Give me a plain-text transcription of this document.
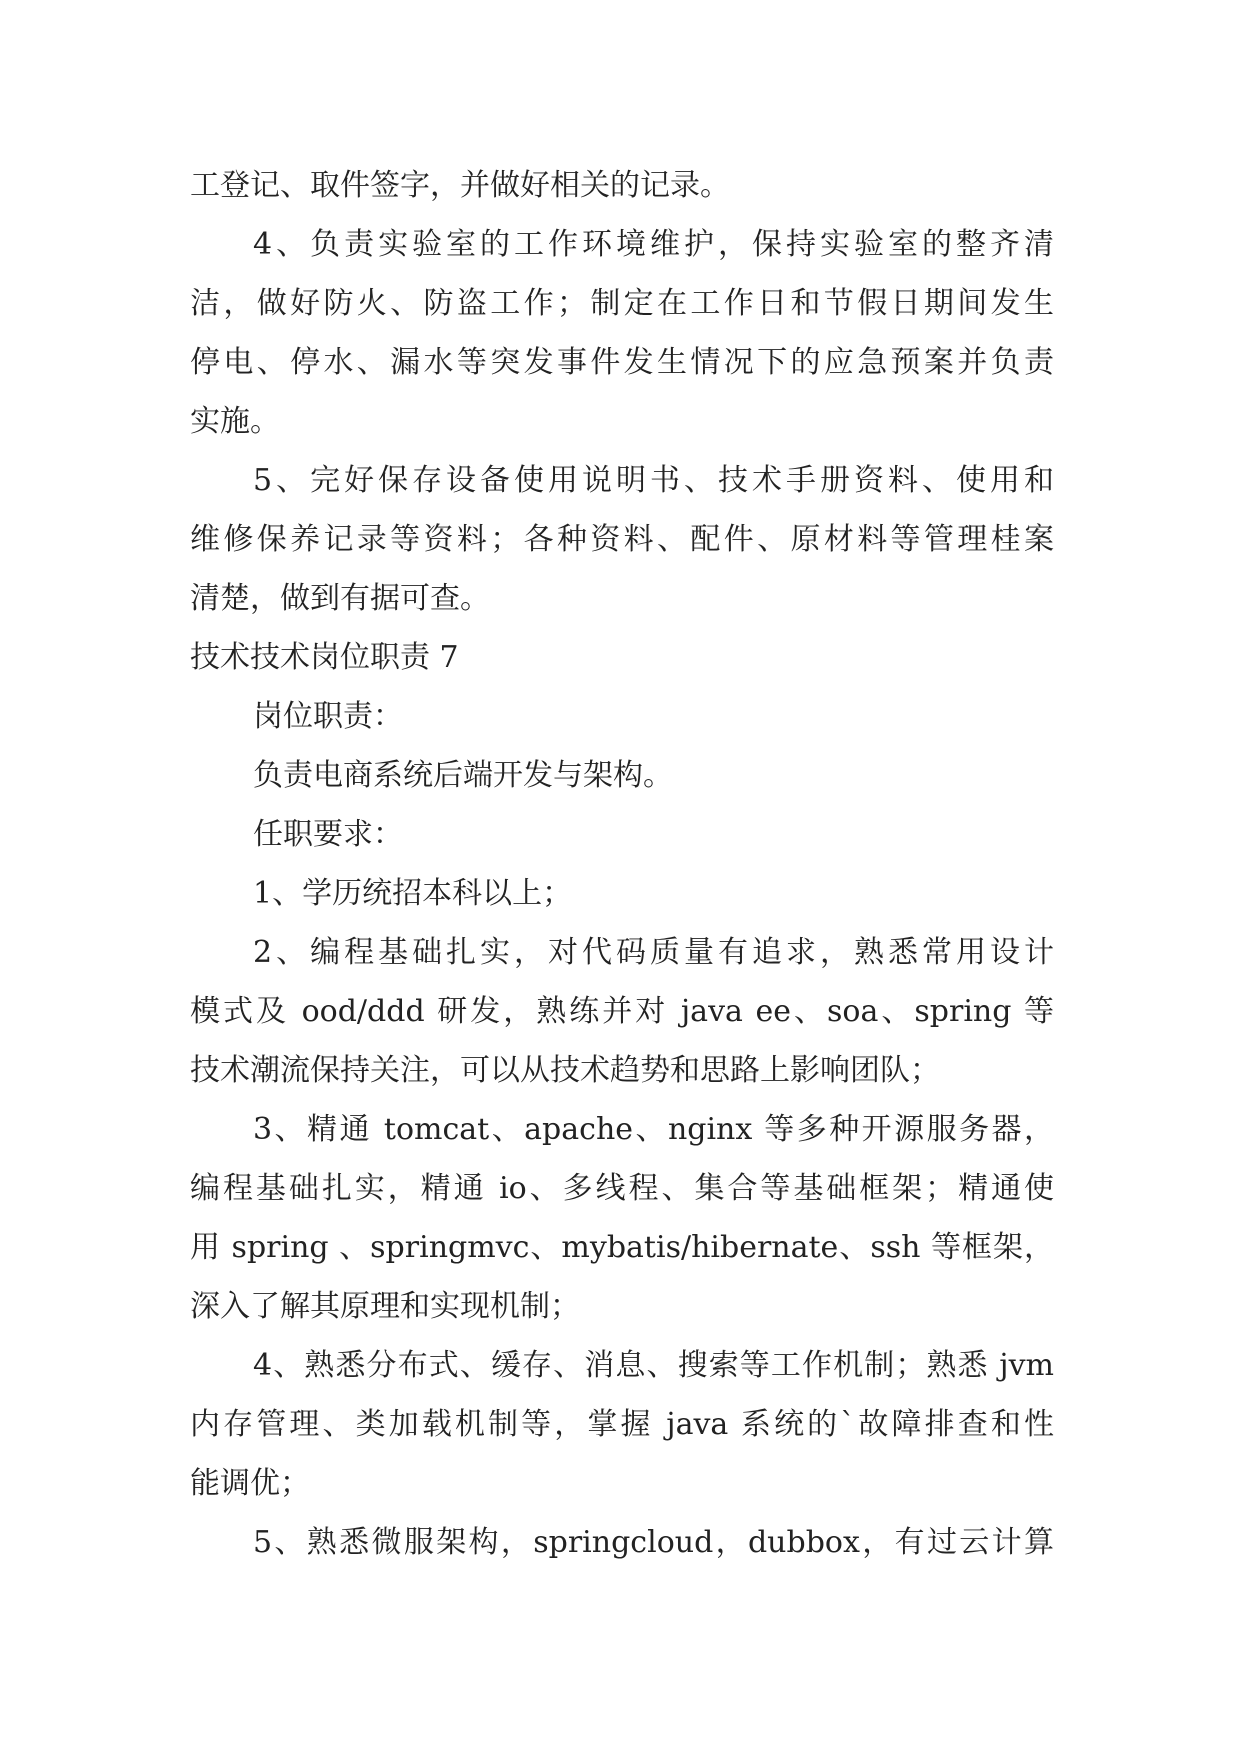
工登记、取件签字，并做好相关的记录。
4、负责实验室的工作环境维护，保持实验室的整齐清
洁，做好防火、防盗工作；制定在工作日和节假日期间发生
停电、停水、漏水等突发事件发生情况下的应急预案并负责
实施。
5、完好保存设备使用说明书、技术手册资料、使用和
维修保养记录等资料；各种资料、配件、原材料等管理桂案
清楚，做到有据可查。
技术技术岗位职责 7
岗位职责：
负责电商系统后端开发与架构。
任职要求：
1、学历统招本科以上；
2、编程基础扎实，对代码质量有追求，熟悉常用设计
模式及 ood/ddd 研发，熟练并对 java ee、soa、spring 等
技术潮流保持关注，可以从技术趋势和思路上影响团队；
3、精通 tomcat、apache、nginx 等多种开源服务器，
编程基础扎实，精通 io、多线程、集合等基础框架；精通使
用 spring 、springmvc、mybatis/hibernate、ssh 等框架，
深入了解其原理和实现机制；
4、熟悉分布式、缓存、消息、搜索等工作机制；熟悉 jvm
内存管理、类加载机制等，掌握 java 系统的`故障排查和性
能调优；
5、熟悉微服架构，springcloud，dubbox，有过云计算
